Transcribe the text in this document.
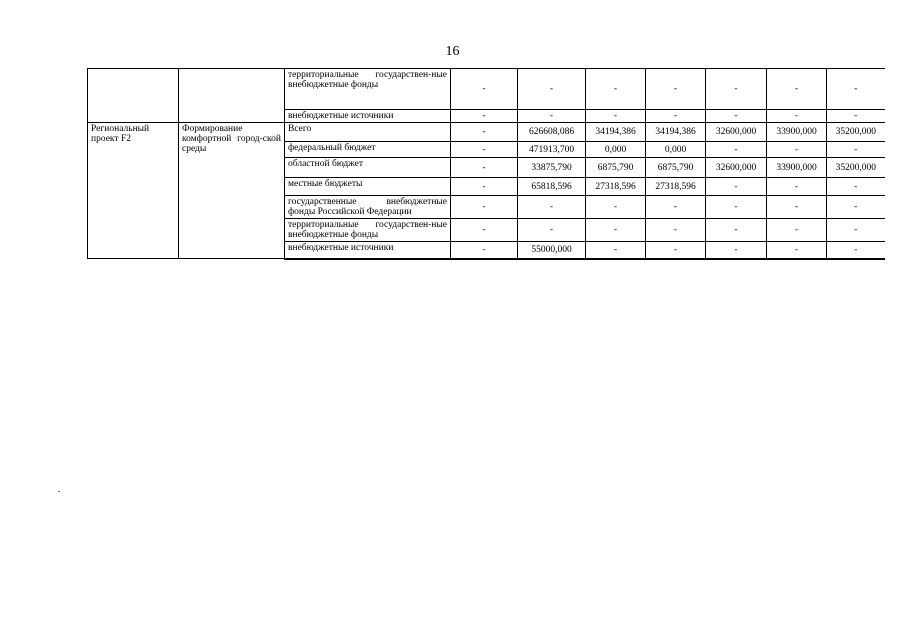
16
		территориальные государствен-ные внебюджетные фонды	-	-	-	-	-	-	-
		внебюджетные источники	-	-	-	-	-	-	-
Региональный проект F2	Формирование комфортной город-ской среды	Всего	-	626608,086	34194,386	34194,386	32600,000	33900,000	35200,000
		федеральный бюджет	-	471913,700	0,000	0,000	-	-	-
		областной бюджет	-	33875,790	6875,790	6875,790	32600,000	33900,000	35200,000
		местные бюджеты	-	65818,596	27318,596	27318,596	-	-	-
		государственные внебюджетные фонды Российской Федерации	-	-	-	-	-	-	-
		территориальные государствен-ные внебюджетные фонды	-	-	-	-	-	-	-
		внебюджетные источники	-	55000,000	-	-	-	-	-
